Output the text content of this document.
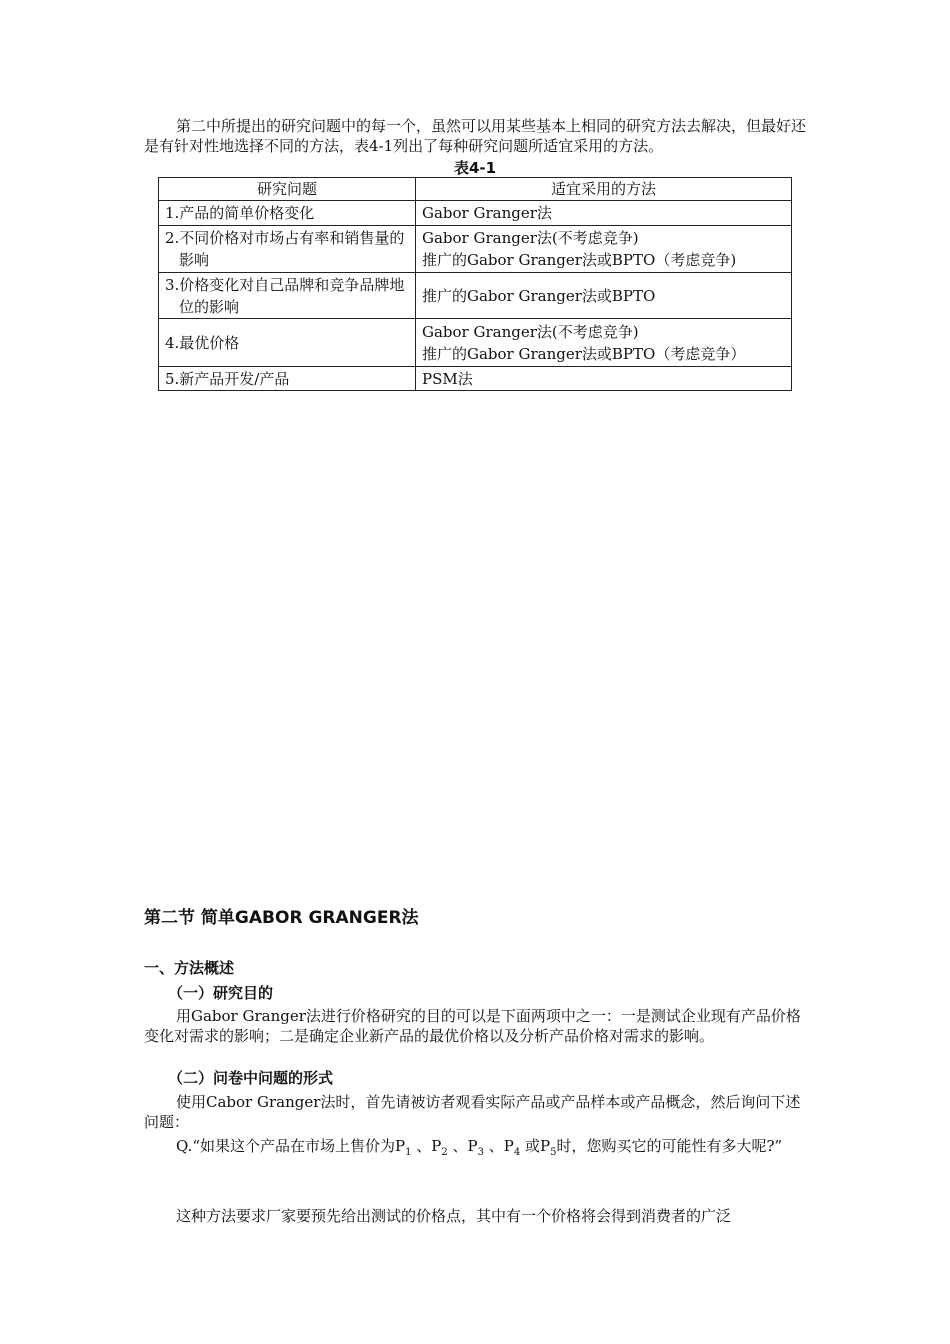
第二中所提出的研究问题中的每一个，虽然可以用某些基本上相同的研究方法去解决，但最好还是有针对性地选择不同的方法，表4-1列出了每种研究问题所适宜采用的方法。
表4-1
研究问题	适宜采用的方法
1.产品的简单价格变化	Gabor Granger法

2.不同价格对市场占有率和销售量的影响	Gabor Granger法(不考虑竞争)
推广的Gabor Granger法或BPTO（考虑竞争)

3.价格变化对自己品牌和竞争品牌地位的影响	推广的Gabor Granger法或BPTO
4.最优价格	Gabor Granger法(不考虑竞争)
推广的Gabor Granger法或BPTO（考虑竞争）

5.新产品开发/产品	PSM法
第二节 简单GABOR GRANGER法
一、方法概述
（一）研究目的
用Gabor Granger法进行价格研究的目的可以是下面两项中之一：一是测试企业现有产品价格变化对需求的影响；二是确定企业新产品的最优价格以及分析产品价格对需求的影响。
（二）问卷中问题的形式
使用Cabor Granger法时，首先请被访者观看实际产品或产品样本或产品概念，然后询问下述问题：
Q.“如果这个产品在市场上售价为$P_1$ 、$P_2$ 、$P_3$ 、$P_4$ 或$P_5$时，您购买它的可能性有多大呢?”
这种方法要求厂家要预先给出测试的价格点，其中有一个价格将会得到消费者的广泛
